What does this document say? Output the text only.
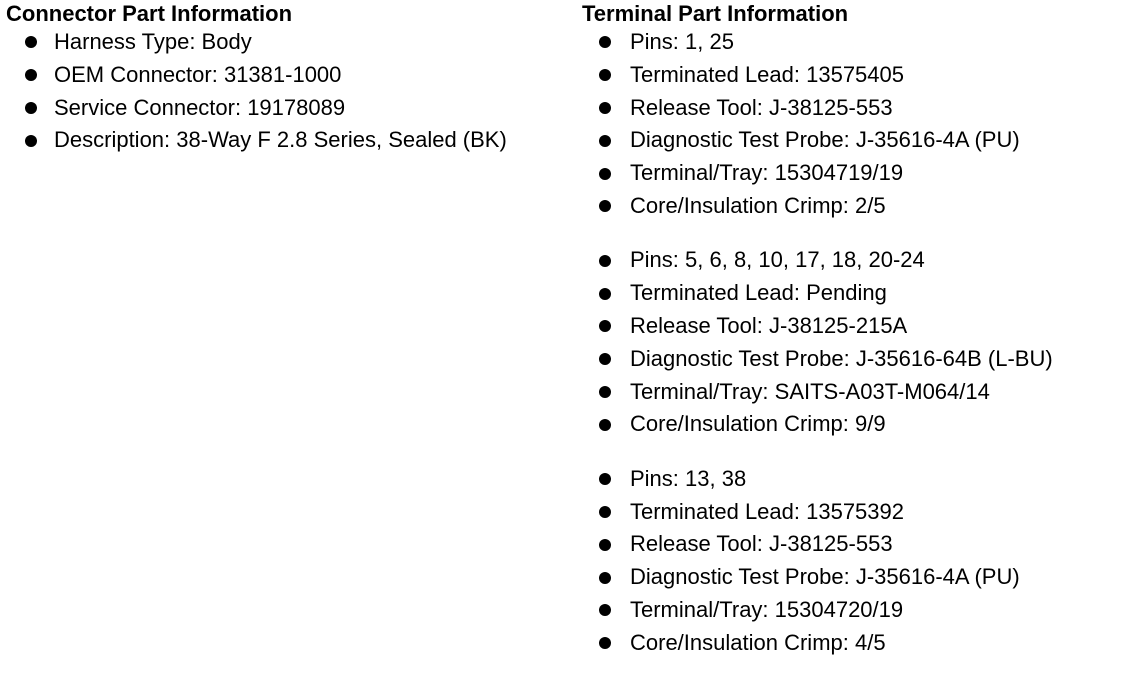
Connector Part Information
Harness Type: Body
OEM Connector: 31381-1000
Service Connector: 19178089
Description: 38-Way F 2.8 Series, Sealed (BK)
Terminal Part Information
Pins: 1, 25
Terminated Lead: 13575405
Release Tool: J-38125-553
Diagnostic Test Probe: J-35616-4A (PU)
Terminal/Tray: 15304719/19
Core/Insulation Crimp: 2/5
Pins: 5, 6, 8, 10, 17, 18, 20-24
Terminated Lead: Pending
Release Tool: J-38125-215A
Diagnostic Test Probe: J-35616-64B (L-BU)
Terminal/Tray: SAITS-A03T-M064/14
Core/Insulation Crimp: 9/9
Pins: 13, 38
Terminated Lead: 13575392
Release Tool: J-38125-553
Diagnostic Test Probe: J-35616-4A (PU)
Terminal/Tray: 15304720/19
Core/Insulation Crimp: 4/5
